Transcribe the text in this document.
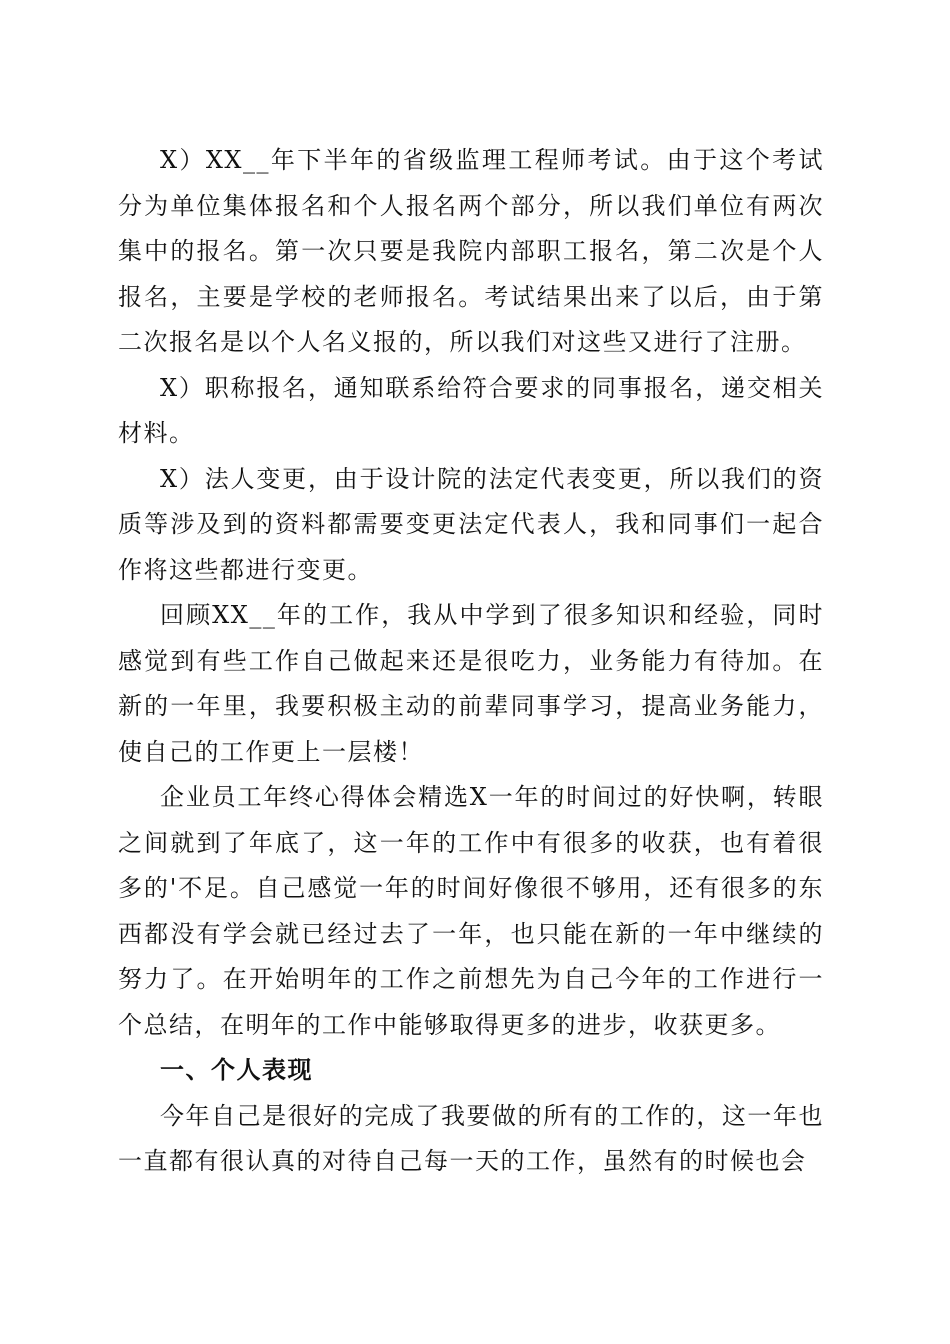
X）XX__年下半年的省级监理工程师考试。由于这个考试分为单位集体报名和个人报名两个部分，所以我们单位有两次集中的报名。第一次只要是我院内部职工报名，第二次是个人报名，主要是学校的老师报名。考试结果出来了以后，由于第二次报名是以个人名义报的，所以我们对这些又进行了注册。

X）职称报名，通知联系给符合要求的同事报名，递交相关材料。

X）法人变更，由于设计院的法定代表变更，所以我们的资质等涉及到的资料都需要变更法定代表人，我和同事们一起合作将这些都进行变更。

回顾XX__年的工作，我从中学到了很多知识和经验，同时感觉到有些工作自己做起来还是很吃力，业务能力有待加。在新的一年里，我要积极主动的前辈同事学习，提高业务能力，使自己的工作更上一层楼！

企业员工年终心得体会精选X一年的时间过的好快啊，转眼之间就到了年底了，这一年的工作中有很多的收获，也有着很多的'不足。自己感觉一年的时间好像很不够用，还有很多的东西都没有学会就已经过去了一年，也只能在新的一年中继续的努力了。在开始明年的工作之前想先为自己今年的工作进行一个总结，在明年的工作中能够取得更多的进步，收获更多。

一、个人表现

今年自己是很好的完成了我要做的所有的工作的，这一年也一直都有很认真的对待自己每一天的工作，虽然有的时候也会
